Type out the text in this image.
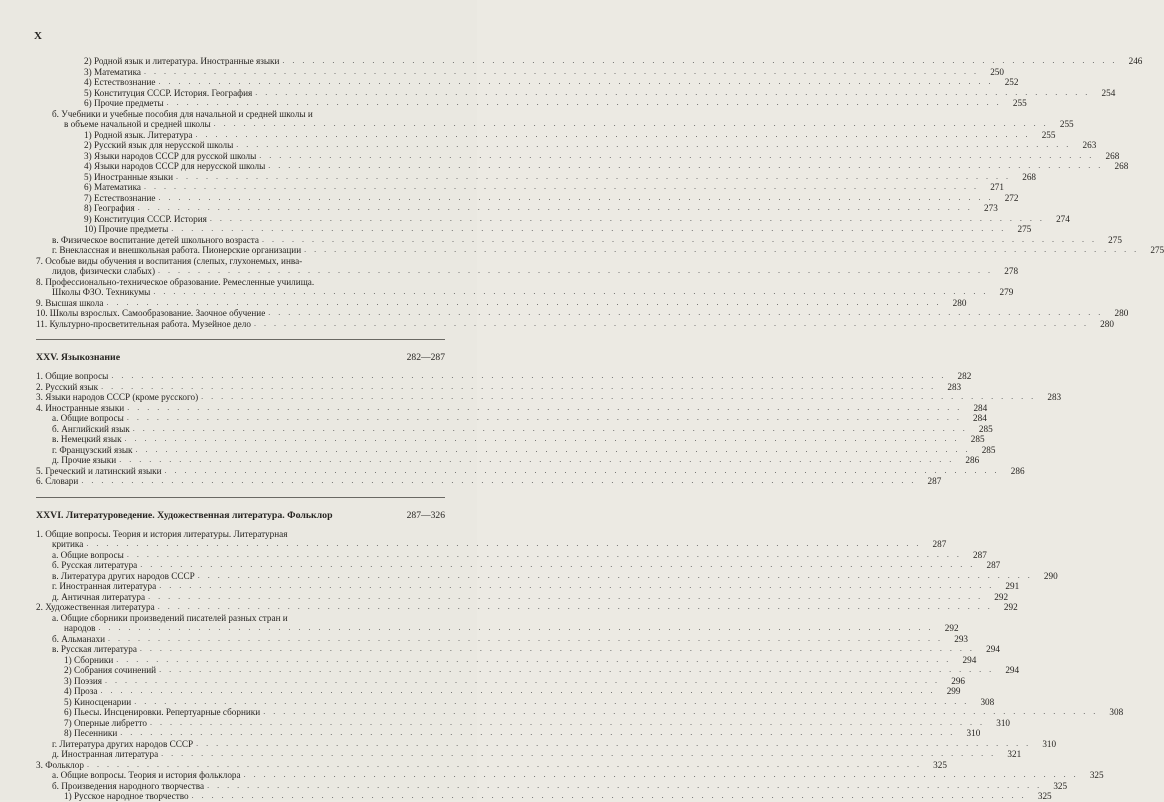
X
2) Родной язык и литература. Иностранные языки . . .	246
3) Математика . . .	250
4) Естествознание . . .	252
5) Конституция СССР. История. География . . .	254
6) Прочие предметы . . .	255
б. Учебники и учебные пособия для начальной и средней школы и
в объеме начальной и средней школы . . .	255
1) Родной язык. Литература . . .	255
2) Русский язык для нерусской школы . . .	263
3) Языки народов СССР для русской школы . . .	268
4) Языки народов СССР для нерусской школы . . .	268
5) Иностранные языки . . .	268
6) Математика . . .	271
7) Естествознание . . .	272
8) География . . .	273
9) Конституция СССР. История . . .	274
10) Прочие предметы . . .	275
в. Физическое воспитание детей школьного возраста . . .	275
г. Внеклассная и внешкольная работа. Пионерские организации . . .	275
7. Особые виды обучения и воспитания (слепых, глухонемых, инва-
лидов, физически слабых) . . .	278
8. Профессионально-техническое образование. Ремесленные училища.
Школы ФЗО. Техникумы . . .	279
9. Высшая школа . . .	280
10. Школы взрослых. Самообразование. Заочное обучение . . .	280
11. Культурно-просветительная работа. Музейное дело . . .	280
XXV. Языкознание	282—287
1. Общие вопросы . . .	282
2. Русский язык . . .	283
3. Языки народов СССР (кроме русского) . . .	283
4. Иностранные языки . . .	284
а. Общие вопросы . . .	284
б. Английский язык . . .	285
в. Немецкий язык . . .	285
г. Французский язык . . .	285
д. Прочие языки . . .	286
5. Греческий и латинский языки . . .	286
6. Словари . . .	287
XXVI. Литературоведение. Художественная литература. Фольклор	287—326
1. Общие вопросы. Теория и история литературы. Литературная
критика . . .	287
а. Общие вопросы . . .	287
б. Русская литература . . .	287
в. Литература других народов СССР . . .	290
г. Иностранная литература . . .	291
д. Античная литература . . .	292
2. Художественная литература . . .	292
а. Общие сборники произведений писателей разных стран и
народов . . .	292
б. Альманахи . . .	293
в. Русская литература . . .	294
1) Сборники . . .	294
2) Собрания сочинений . . .	294
3) Поэзия . . .	296
4) Проза . . .	299
5) Киносценарии . . .	308
6) Пьесы. Инсценировки. Репертуарные сборники . . .	308
7) Оперные либретто . . .	310
8) Песенники . . .	310
г. Литература других народов СССР . . .	310
д. Иностранная литература . . .	321
3. Фольклор . . .	325
а. Общие вопросы. Теория и история фольклора . . .	325
б. Произведения народного творчества . . .	325
1) Русское народное творчество . . .	325
